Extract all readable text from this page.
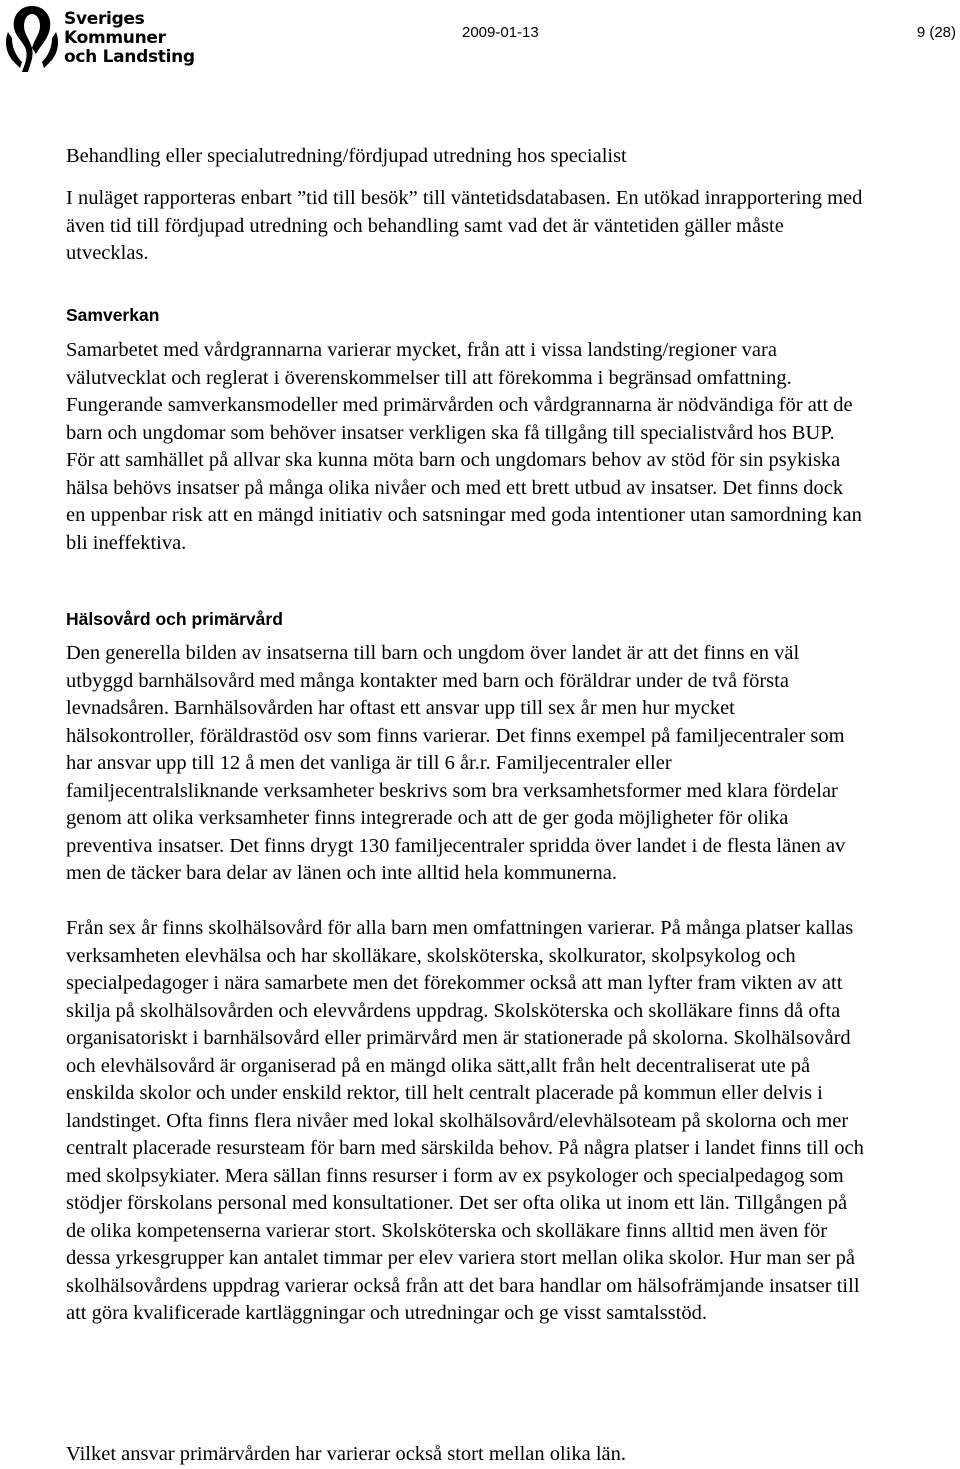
Sveriges
Kommuner
och Landsting
2009-01-13	9 (28)

Behandling eller specialutredning/fördjupad utredning hos specialist

I nuläget rapporteras enbart ”tid till besök” till väntetidsdatabasen. En utökad inrapportering med även tid till fördjupad utredning och behandling samt vad det är väntetiden gäller måste utvecklas.

Samverkan

Samarbetet med vårdgrannarna varierar mycket, från att i vissa landsting/regioner vara välutvecklat och reglerat i överenskommelser till att förekomma i begränsad omfattning. Fungerande samverkansmodeller med primärvården och vårdgrannarna är nödvändiga för att de barn och ungdomar som behöver insatser verkligen ska få tillgång till specialistvård hos BUP. För att samhället på allvar ska kunna möta barn och ungdomars behov av stöd för sin psykiska hälsa behövs insatser på många olika nivåer och med ett brett utbud av insatser. Det finns dock en uppenbar risk att en mängd initiativ och satsningar med goda intentioner utan samordning kan bli ineffektiva.

Hälsovård och primärvård

Den generella bilden av insatserna till barn och ungdom över landet är att det finns en väl utbyggd barnhälsovård med många kontakter med barn och föräldrar under de två första levnadsåren. Barnhälsovården har oftast ett ansvar upp till sex år men hur mycket hälsokontroller, föräldrastöd osv som finns varierar. Det finns exempel på familjecentraler som har ansvar upp till 12 å men det vanliga är till 6 år.r. Familjecentraler eller familjecentralsliknande verksamheter beskrivs som bra verksamhetsformer med klara fördelar genom att olika verksamheter finns integrerade och att de ger goda möjligheter för olika preventiva insatser. Det finns drygt 130 familjecentraler spridda över landet i de flesta länen av men de täcker bara delar av länen och inte alltid hela kommunerna.

Från sex år finns skolhälsovård för alla barn men omfattningen varierar. På många platser kallas verksamheten elevhälsa och har skolläkare, skolsköterska, skolkurator, skolpsykolog och specialpedagoger i nära samarbete men det förekommer också att man lyfter fram vikten av att skilja på skolhälsovården och elevvårdens uppdrag. Skolsköterska och skolläkare finns då ofta organisatoriskt i barnhälsovård eller primärvård men är stationerade på skolorna. Skolhälsovård och elevhälsovård är organiserad på en mängd olika sätt,allt från helt decentraliserat ute på enskilda skolor och under enskild rektor, till helt centralt placerade på kommun eller delvis i landstinget. Ofta finns flera nivåer med lokal skolhälsovård/elevhälsoteam på skolorna och mer centralt placerade resursteam för barn med särskilda behov. På några platser i landet finns till och med skolpsykiater. Mera sällan finns resurser i form av ex psykologer och specialpedagog som stödjer förskolans personal med konsultationer. Det ser ofta olika ut inom ett län. Tillgången på de olika kompetenserna varierar stort. Skolsköterska och skolläkare finns alltid men även för dessa yrkesgrupper kan antalet timmar per elev variera stort mellan olika skolor. Hur man ser på skolhälsovårdens uppdrag varierar också från att det bara handlar om hälsofrämjande insatser till att göra kvalificerade kartläggningar och utredningar och ge visst samtalsstöd.

Vilket ansvar primärvården har varierar också stort mellan olika län.
